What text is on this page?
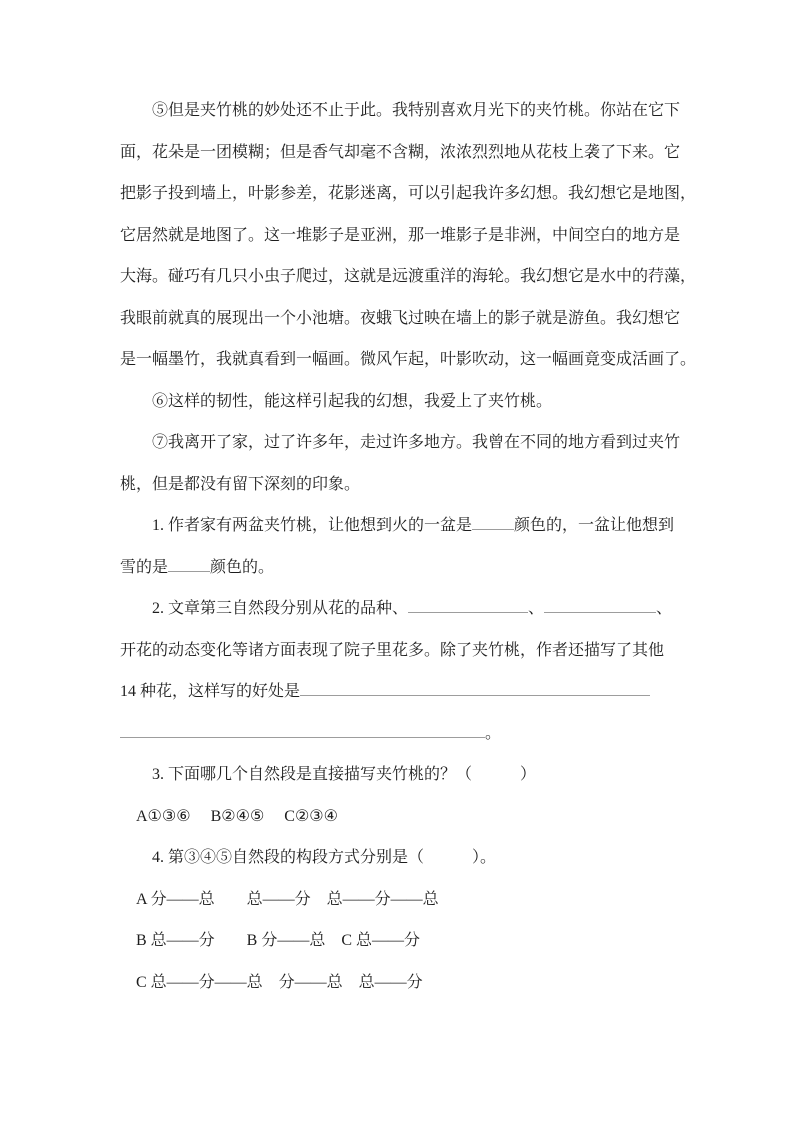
⑤但是夹竹桃的妙处还不止于此。我特别喜欢月光下的夹竹桃。你站在它下
面，花朵是一团模糊；但是香气却毫不含糊，浓浓烈烈地从花枝上袭了下来。它
把影子投到墙上，叶影参差，花影迷离，可以引起我许多幻想。我幻想它是地图，
它居然就是地图了。这一堆影子是亚洲，那一堆影子是非洲，中间空白的地方是
大海。碰巧有几只小虫子爬过，这就是远渡重洋的海轮。我幻想它是水中的荇藻，
我眼前就真的展现出一个小池塘。夜蛾飞过映在墙上的影子就是游鱼。我幻想它
是一幅墨竹，我就真看到一幅画。微风乍起，叶影吹动，这一幅画竟变成活画了。
⑥这样的韧性，能这样引起我的幻想，我爱上了夹竹桃。
⑦我离开了家，过了许多年，走过许多地方。我曾在不同的地方看到过夹竹
桃，但是都没有留下深刻的印象。
1. 作者家有两盆夹竹桃，让他想到火的一盆是	颜色的，一盆让他想到
雪的是	颜色的。
2. 文章第三自然段分别从花的品种、	、	、
开花的动态变化等诸方面表现了院子里花多。除了夹竹桃，作者还描写了其他
14 种花，这样写的好处是
。
3. 下面哪几个自然段是直接描写夹竹桃的？（　　　）
A①③⑥　 B②④⑤　 C②③④
4. 第③④⑤自然段的构段方式分别是（　　　）。
A 分——总　　总——分　总——分——总
B 总——分　　B 分——总　C 总——分
C 总——分——总　分——总　总——分
